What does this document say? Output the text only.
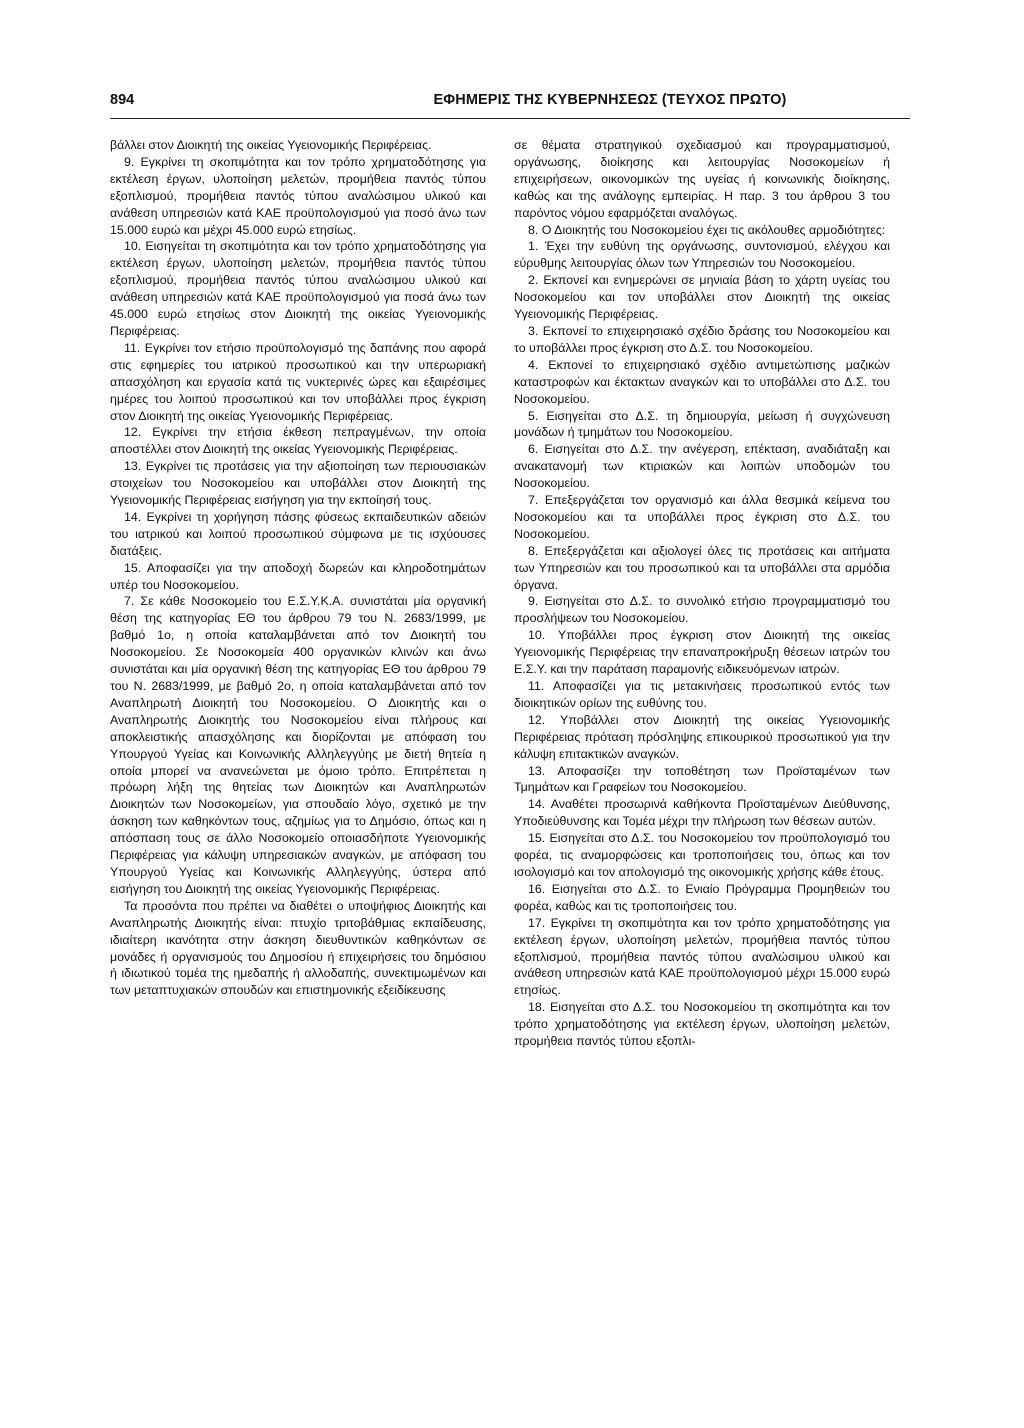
894	ΕΦΗΜΕΡΙΣ ΤΗΣ ΚΥΒΕΡΝΗΣΕΩΣ (ΤΕΥΧΟΣ ΠΡΩΤΟ)

βάλλει στον Διοικητή της οικείας Υγειονομικής Περιφέρειας.

9. Εγκρίνει τη σκοπιμότητα και τον τρόπο χρηματοδότησης για εκτέλεση έργων, υλοποίηση μελετών, προμήθεια παντός τύπου εξοπλισμού, προμήθεια παντός τύπου αναλώσιμου υλικού και ανάθεση υπηρεσιών κατά ΚΑΕ προϋπολογισμού για ποσό άνω των 15.000 ευρώ και μέχρι 45.000 ευρώ ετησίως.

10. Εισηγείται τη σκοπιμότητα και τον τρόπο χρηματοδότησης για εκτέλεση έργων, υλοποίηση μελετών, προμήθεια παντός τύπου εξοπλισμού, προμήθεια παντός τύπου αναλώσιμου υλικού και ανάθεση υπηρεσιών κατά ΚΑΕ προϋπολογισμού για ποσά άνω των 45.000 ευρώ ετησίως στον Διοικητή της οικείας Υγειονομικής Περιφέρειας.

11. Εγκρίνει τον ετήσιο προϋπολογισμό της δαπάνης που αφορά στις εφημερίες του ιατρικού προσωπικού και την υπερωριακή απασχόληση και εργασία κατά τις νυκτερινές ώρες και εξαιρέσιμες ημέρες του λοιπού προσωπικού και τον υποβάλλει προς έγκριση στον Διοικητή της οικείας Υγειονομικής Περιφέρειας.

12. Εγκρίνει την ετήσια έκθεση πεπραγμένων, την οποία αποστέλλει στον Διοικητή της οικείας Υγειονομικής Περιφέρειας.

13. Εγκρίνει τις προτάσεις για την αξιοποίηση των περιουσιακών στοιχείων του Νοσοκομείου και υποβάλλει στον Διοικητή της Υγειονομικής Περιφέρειας εισήγηση για την εκποίησή τους.

14. Εγκρίνει τη χορήγηση πάσης φύσεως εκπαιδευτικών αδειών του ιατρικού και λοιπού προσωπικού σύμφωνα με τις ισχύουσες διατάξεις.

15. Αποφασίζει για την αποδοχή δωρεών και κληροδοτημάτων υπέρ του Νοσοκομείου.

7. Σε κάθε Νοσοκομείο του Ε.Σ.Υ.Κ.Α. συνιστάται μία οργανική θέση της κατηγορίας ΕΘ του άρθρου 79 του Ν. 2683/1999, με βαθμό 1ο, η οποία καταλαμβάνεται από τον Διοικητή του Νοσοκομείου. Σε Νοσοκομεία 400 οργανικών κλινών και άνω συνιστάται και μία οργανική θέση της κατηγορίας ΕΘ του άρθρου 79 του Ν. 2683/1999, με βαθμό 2ο, η οποία καταλαμβάνεται από τον Αναπληρωτή Διοικητή του Νοσοκομείου. Ο Διοικητής και ο Αναπληρωτής Διοικητής του Νοσοκομείου είναι πλήρους και αποκλειστικής απασχόλησης και διορίζονται με απόφαση του Υπουργού Υγείας και Κοινωνικής Αλληλεγγύης με διετή θητεία η οποία μπορεί να ανανεώνεται με όμοιο τρόπο. Επιτρέπεται η πρόωρη λήξη της θητείας των Διοικητών και Αναπληρωτών Διοικητών των Νοσοκομείων, για σπουδαίο λόγο, σχετικό με την άσκηση των καθηκόντων τους, αζημίως για το Δημόσιο, όπως και η απόσπαση τους σε άλλο Νοσοκομείο οποιασδήποτε Υγειονομικής Περιφέρειας για κάλυψη υπηρεσιακών αναγκών, με απόφαση του Υπουργού Υγείας και Κοινωνικής Αλληλεγγύης, ύστερα από εισήγηση του Διοικητή της οικείας Υγειονομικής Περιφέρειας.

Τα προσόντα που πρέπει να διαθέτει ο υποψήφιος Διοικητής και Αναπληρωτής Διοικητής είναι: πτυχίο τριτοβάθμιας εκπαίδευσης, ιδιαίτερη ικανότητα στην άσκηση διευθυντικών καθηκόντων σε μονάδες ή οργανισμούς του Δημοσίου ή επιχειρήσεις του δημόσιου ή ιδιωτικού τομέα της ημεδαπής ή αλλοδαπής, συνεκτιμωμένων και των μεταπτυχιακών σπουδών και επιστημονικής εξειδίκευσης

σε θέματα στρατηγικού σχεδιασμού και προγραμματισμού, οργάνωσης, διοίκησης και λειτουργίας Νοσοκομείων ή επιχειρήσεων, οικονομικών της υγείας ή κοινωνικής διοίκησης, καθώς και της ανάλογης εμπειρίας. Η παρ. 3 του άρθρου 3 του παρόντος νόμου εφαρμόζεται αναλόγως.

8. Ο Διοικητής του Νοσοκομείου έχει τις ακόλουθες αρμοδιότητες:

1. Έχει την ευθύνη της οργάνωσης, συντονισμού, ελέγχου και εύρυθμης λειτουργίας όλων των Υπηρεσιών του Νοσοκομείου.

2. Εκπονεί και ενημερώνει σε μηνιαία βάση το χάρτη υγείας του Νοσοκομείου και τον υποβάλλει στον Διοικητή της οικείας Υγειονομικής Περιφέρειας.

3. Εκπονεί το επιχειρησιακό σχέδιο δράσης του Νοσοκομείου και το υποβάλλει προς έγκριση στο Δ.Σ. του Νοσοκομείου.

4. Εκπονεί το επιχειρησιακό σχέδιο αντιμετώπισης μαζικών καταστροφών και έκτακτων αναγκών και το υποβάλλει στο Δ.Σ. του Νοσοκομείου.

5. Εισηγείται στο Δ.Σ. τη δημιουργία, μείωση ή συγχώνευση μονάδων ή τμημάτων του Νοσοκομείου.

6. Εισηγείται στο Δ.Σ. την ανέγερση, επέκταση, αναδιάταξη και ανακατανομή των κτιριακών και λοιπών υποδομών του Νοσοκομείου.

7. Επεξεργάζεται τον οργανισμό και άλλα θεσμικά κείμενα του Νοσοκομείου και τα υποβάλλει προς έγκριση στο Δ.Σ. του Νοσοκομείου.

8. Επεξεργάζεται και αξιολογεί όλες τις προτάσεις και αιτήματα των Υπηρεσιών και του προσωπικού και τα υποβάλλει στα αρμόδια όργανα.

9. Εισηγείται στο Δ.Σ. το συνολικό ετήσιο προγραμματισμό του προσλήψεων του Νοσοκομείου.

10. Υποβάλλει προς έγκριση στον Διοικητή της οικείας Υγειονομικής Περιφέρειας την επαναπροκήρυξη θέσεων ιατρών του Ε.Σ.Υ. και την παράταση παραμονής ειδικευόμενων ιατρών.

11. Αποφασίζει για τις μετακινήσεις προσωπικού εντός των διοικητικών ορίων της ευθύνης του.

12. Υποβάλλει στον Διοικητή της οικείας Υγειονομικής Περιφέρειας πρόταση πρόσληψης επικουρικού προσωπικού για την κάλυψη επιτακτικών αναγκών.

13. Αποφασίζει την τοποθέτηση των Προϊσταμένων των Τμημάτων και Γραφείων του Νοσοκομείου.

14. Αναθέτει προσωρινά καθήκοντα Προϊσταμένων Διεύθυνσης, Υποδιεύθυνσης και Τομέα μέχρι την πλήρωση των θέσεων αυτών.

15. Εισηγείται στο Δ.Σ. του Νοσοκομείου τον προϋπολογισμό του φορέα, τις αναμορφώσεις και τροποποιήσεις του, όπως και τον ισολογισμό και τον απολογισμό της οικονομικής χρήσης κάθε έτους.

16. Εισηγείται στο Δ.Σ. το Ενιαίο Πρόγραμμα Προμηθειών του φορέα, καθώς και τις τροποποιήσεις του.

17. Εγκρίνει τη σκοπιμότητα και τον τρόπο χρηματοδότησης για εκτέλεση έργων, υλοποίηση μελετών, προμήθεια παντός τύπου εξοπλισμού, προμήθεια παντός τύπου αναλώσιμου υλικού και ανάθεση υπηρεσιών κατά ΚΑΕ προϋπολογισμού μέχρι 15.000 ευρώ ετησίως.

18. Εισηγείται στο Δ.Σ. του Νοσοκομείου τη σκοπιμότητα και τον τρόπο χρηματοδότησης για εκτέλεση έργων, υλοποίηση μελετών, προμήθεια παντός τύπου εξοπλι-
